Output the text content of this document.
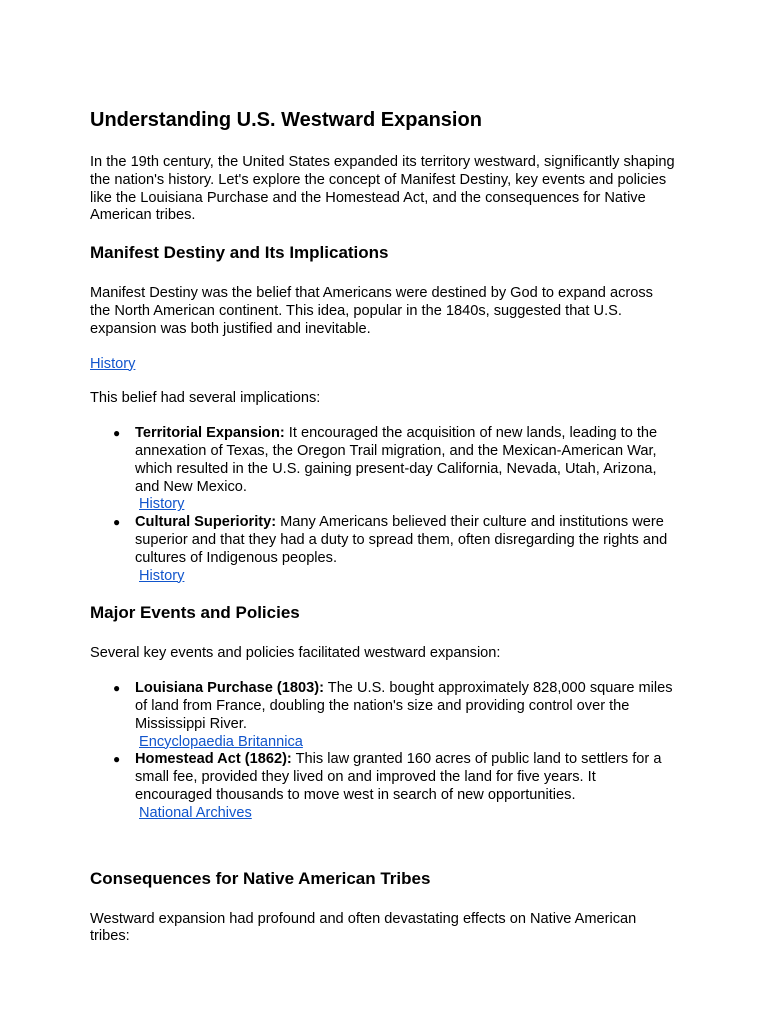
Understanding U.S. Westward Expansion

In the 19th century, the United States expanded its territory westward, significantly shaping the nation's history. Let's explore the concept of Manifest Destiny, key events and policies like the Louisiana Purchase and the Homestead Act, and the consequences for Native American tribes.

Manifest Destiny and Its Implications

Manifest Destiny was the belief that Americans were destined by God to expand across the North American continent. This idea, popular in the 1840s, suggested that U.S. expansion was both justified and inevitable.

History

This belief had several implications:

● Territorial Expansion: It encouraged the acquisition of new lands, leading to the annexation of Texas, the Oregon Trail migration, and the Mexican-American War, which resulted in the U.S. gaining present-day California, Nevada, Utah, Arizona, and New Mexico.
History
● Cultural Superiority: Many Americans believed their culture and institutions were superior and that they had a duty to spread them, often disregarding the rights and cultures of Indigenous peoples.
History
Major Events and Policies

Several key events and policies facilitated westward expansion:

● Louisiana Purchase (1803): The U.S. bought approximately 828,000 square miles of land from France, doubling the nation's size and providing control over the Mississippi River.
Encyclopaedia Britannica
● Homestead Act (1862): This law granted 160 acres of public land to settlers for a small fee, provided they lived on and improved the land for five years. It encouraged thousands to move west in search of new opportunities.
National Archives
Consequences for Native American Tribes

Westward expansion had profound and often devastating effects on Native American tribes:
